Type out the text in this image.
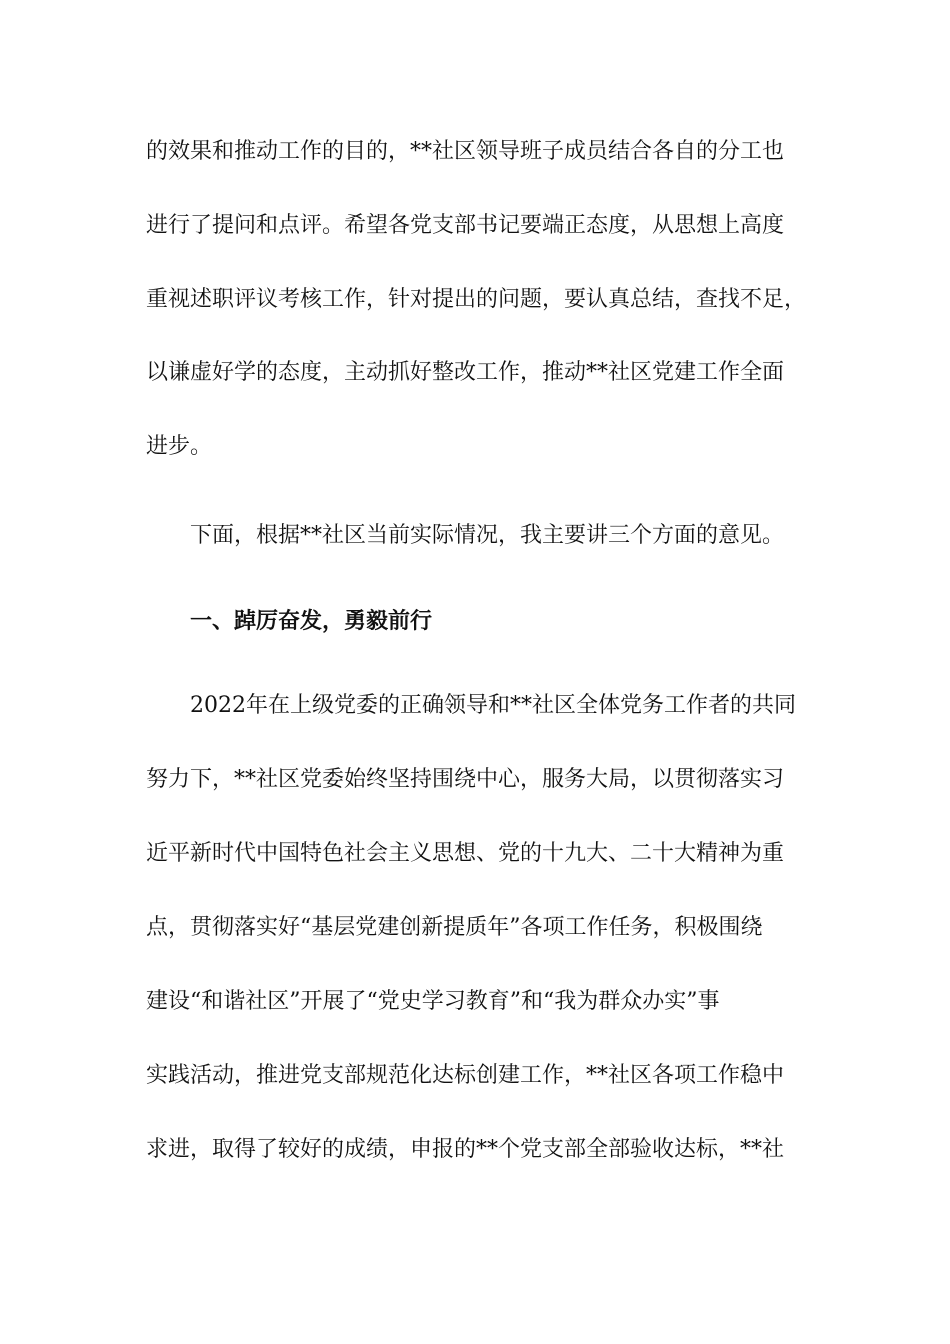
的效果和推动工作的目的，**社区领导班子成员结合各自的分工也
进行了提问和点评。希望各党支部书记要端正态度，从思想上高度
重视述职评议考核工作，针对提出的问题，要认真总结，查找不足，
以谦虚好学的态度，主动抓好整改工作，推动**社区党建工作全面
进步。
下面，根据**社区当前实际情况，我主要讲三个方面的意见。
一、踔厉奋发，勇毅前行
2022年在上级党委的正确领导和**社区全体党务工作者的共同
努力下，**社区党委始终坚持围绕中心，服务大局，以贯彻落实习
近平新时代中国特色社会主义思想、党的十九大、二十大精神为重
点，贯彻落实好“基层党建创新提质年”各项工作任务，积极围绕
建设“和谐社区”开展了“党史学习教育”和“我为群众办实”事
实践活动，推进党支部规范化达标创建工作，**社区各项工作稳中
求进，取得了较好的成绩，申报的**个党支部全部验收达标，**社
